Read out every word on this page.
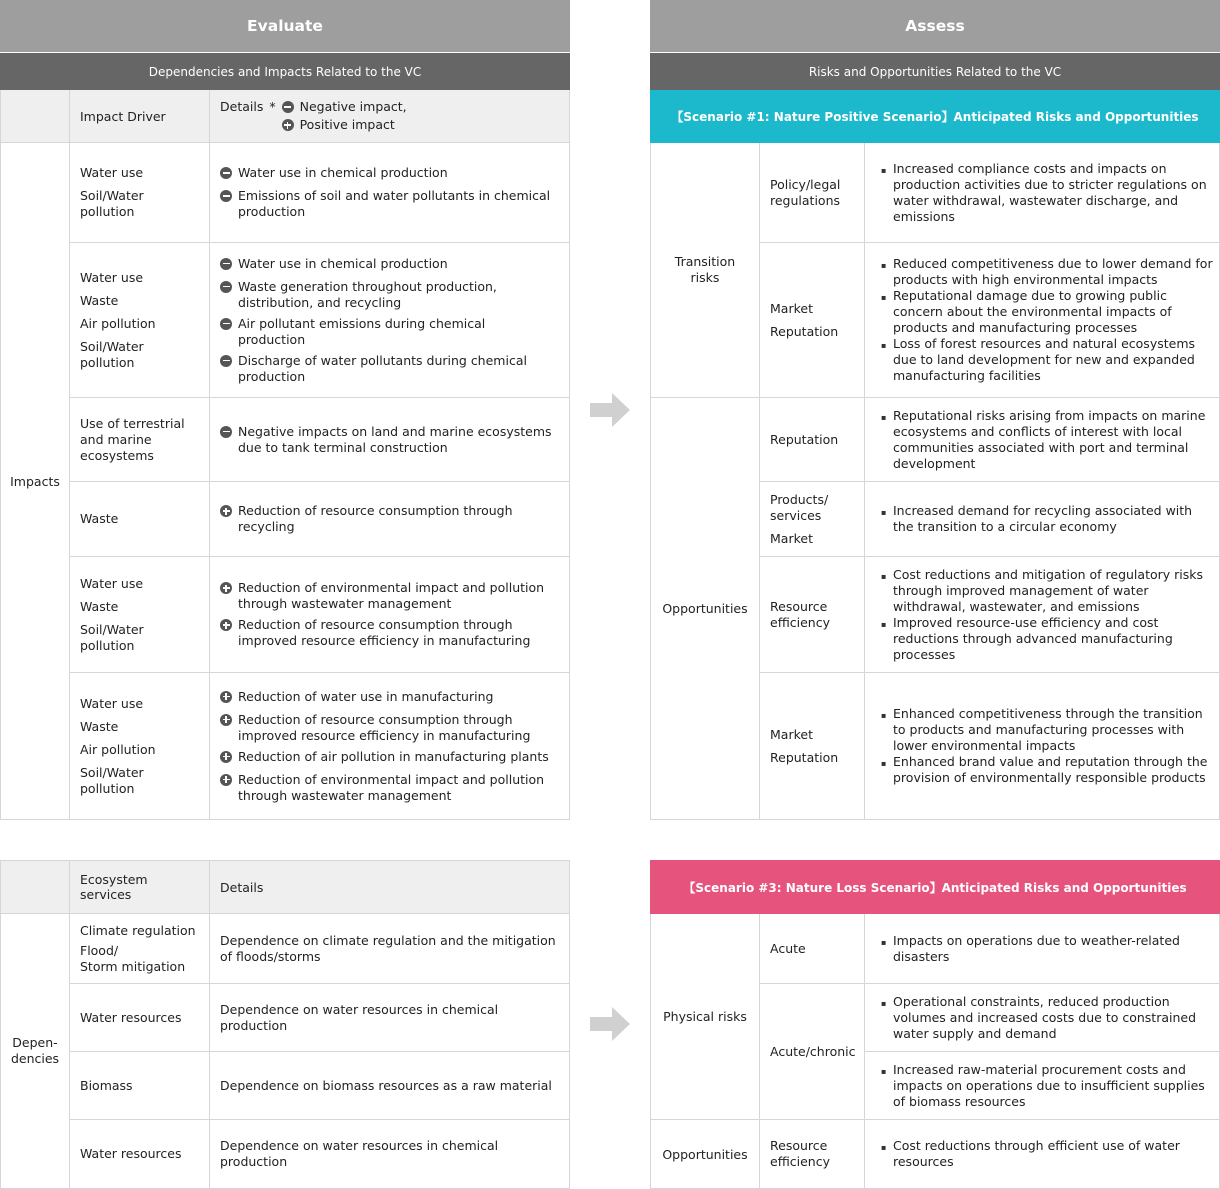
Evaluate
Dependencies and Impacts Related to the VC
Impact Driver
Details * Negative impact,
Positive impact
Impacts
Water use
Soil/Water pollution
Water use in chemical production
Emissions of soil and water pollutants in chemical production
Water use
Waste
Air pollution
Soil/Water pollution
Water use in chemical production
Waste generation throughout production, distribution, and recycling
Air pollutant emissions during chemical production
Discharge of water pollutants during chemical production
Use of terrestrial and marine ecosystems
Negative impacts on land and marine ecosystems due to tank terminal construction
Waste
Reduction of resource consumption through recycling
Water use
Waste
Soil/Water pollution
Reduction of environmental impact and pollution through wastewater management
Reduction of resource consumption through improved resource efficiency in manufacturing
Water use
Waste
Air pollution
Soil/Water pollution
Reduction of water use in manufacturing
Reduction of resource consumption through improved resource efficiency in manufacturing
Reduction of air pollution in manufacturing plants
Reduction of environmental impact and pollution through wastewater management
Ecosystem services	Details
Depen-
dencies
Climate regulation
Flood/
Storm mitigation
Dependence on climate regulation and the mitigation of floods/storms
Water resources
Dependence on water resources in chemical production
Biomass	Dependence on biomass resources as a raw material
Water resources
Dependence on water resources in chemical production
Assess
Risks and Opportunities Related to the VC
【Scenario #1: Nature Positive Scenario】Anticipated Risks and Opportunities
Transition risks
Opportunities
Policy/legal regulations
▪
Increased compliance costs and impacts on production activities due to stricter regulations on water withdrawal, wastewater discharge, and emissions
Market
Reputation
▪
Reduced competitiveness due to lower demand for products with high environmental impacts
▪
Reputational damage due to growing public concern about the environmental impacts of products and manufacturing processes
▪
Loss of forest resources and natural ecosystems due to land development for new and expanded manufacturing facilities
Reputation
▪
Reputational risks arising from impacts on marine ecosystems and conflicts of interest with local communities associated with port and terminal development
Products/ services
Market
▪
Increased demand for recycling associated with the transition to a circular economy
Resource efficiency
▪
Cost reductions and mitigation of regulatory risks through improved management of water withdrawal, wastewater, and emissions
▪
Improved resource-use efficiency and cost reductions through advanced manufacturing processes
Market
Reputation
▪
Enhanced competitiveness through the transition to products and manufacturing processes with lower environmental impacts
▪
Enhanced brand value and reputation through the provision of environmentally responsible products
【Scenario #3: Nature Loss Scenario】Anticipated Risks and Opportunities
Physical risks
Opportunities
Acute/chronic
Acute
▪
Impacts on operations due to weather-related disasters
▪
Operational constraints, reduced production volumes and increased costs due to constrained water supply and demand
▪
Increased raw-material procurement costs and impacts on operations due to insufficient supplies of biomass resources
Resource efficiency
▪
Cost reductions through efficient use of water resources
